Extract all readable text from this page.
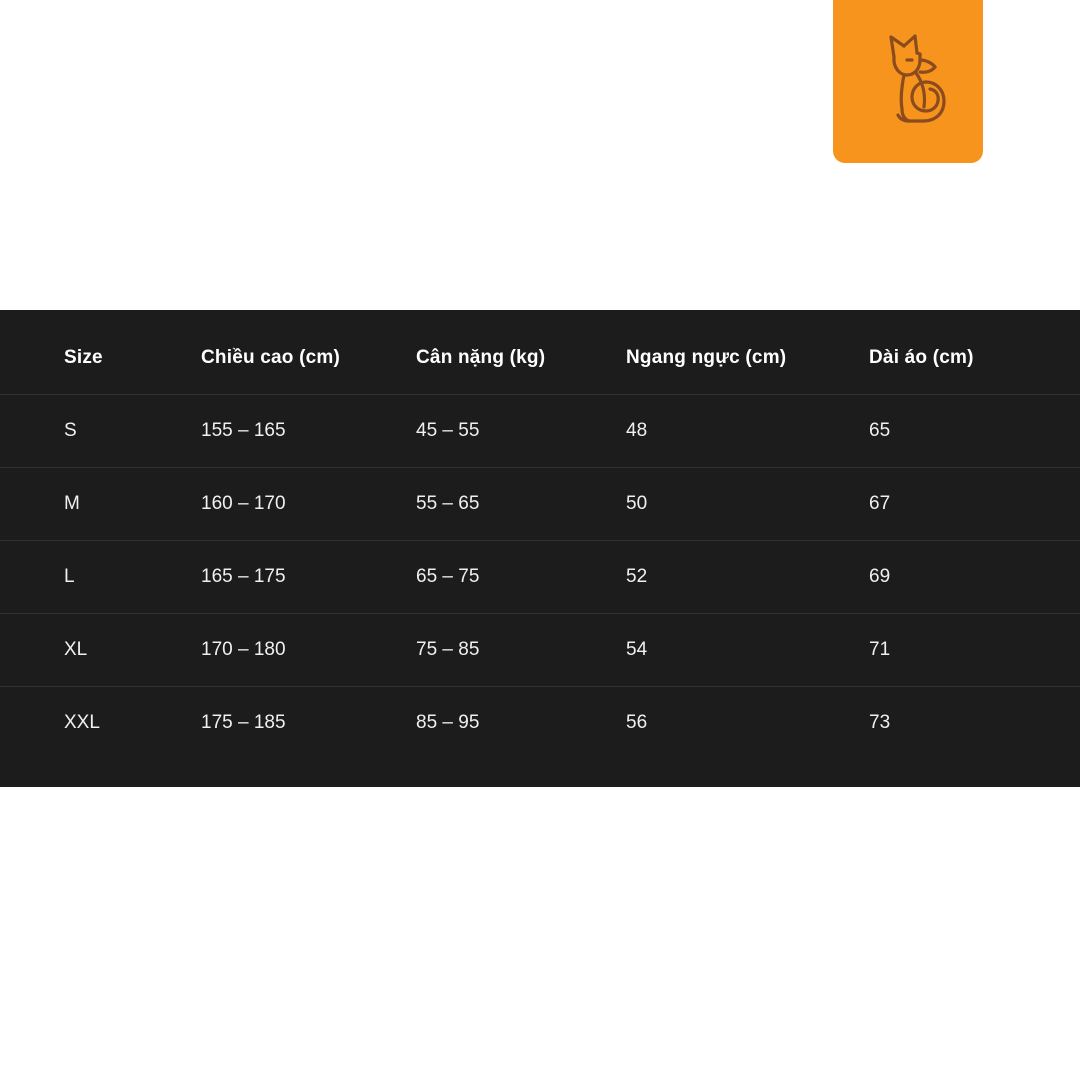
Size	Chiều cao (cm)	Cân nặng (kg)	Ngang ngực (cm)	Dài áo (cm)
S	155 – 165	45 – 55	48	65
M	160 – 170	55 – 65	50	67
L	165 – 175	65 – 75	52	69
XL	170 – 180	75 – 85	54	71
XXL	175 – 185	85 – 95	56	73
